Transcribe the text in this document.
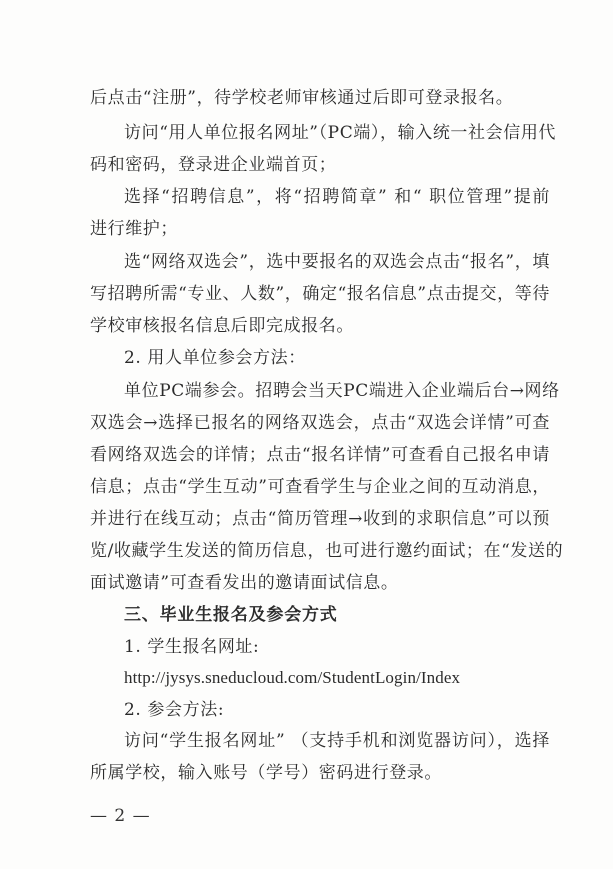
后点击“注册”，待学校老师审核通过后即可登录报名。
访问“用人单位报名网址”（PC端），输入统一社会信用代
码和密码，登录进企业端首页；
选择“招聘信息”，将“招聘简章” 和“ 职位管理”提前
进行维护；
选“网络双选会”，选中要报名的双选会点击“报名”，填
写招聘所需“专业、人数”，确定“报名信息”点击提交，等待
学校审核报名信息后即完成报名。
2. 用人单位参会方法：
单位PC端参会。招聘会当天PC端进入企业端后台→网络
双选会→选择已报名的网络双选会，点击“双选会详情”可查
看网络双选会的详情；点击“报名详情”可查看自己报名申请
信息；点击“学生互动”可查看学生与企业之间的互动消息，
并进行在线互动；点击“简历管理→收到的求职信息”可以预
览/收藏学生发送的简历信息，也可进行邀约面试；在“发送的
面试邀请”可查看发出的邀请面试信息。
三、毕业生报名及参会方式
1. 学生报名网址:
http://jysys.sneducloud.com/StudentLogin/Index
2. 参会方法:
访问“学生报名网址” （支持手机和浏览器访问），选择
所属学校，输入账号（学号）密码进行登录。
— 2 —
